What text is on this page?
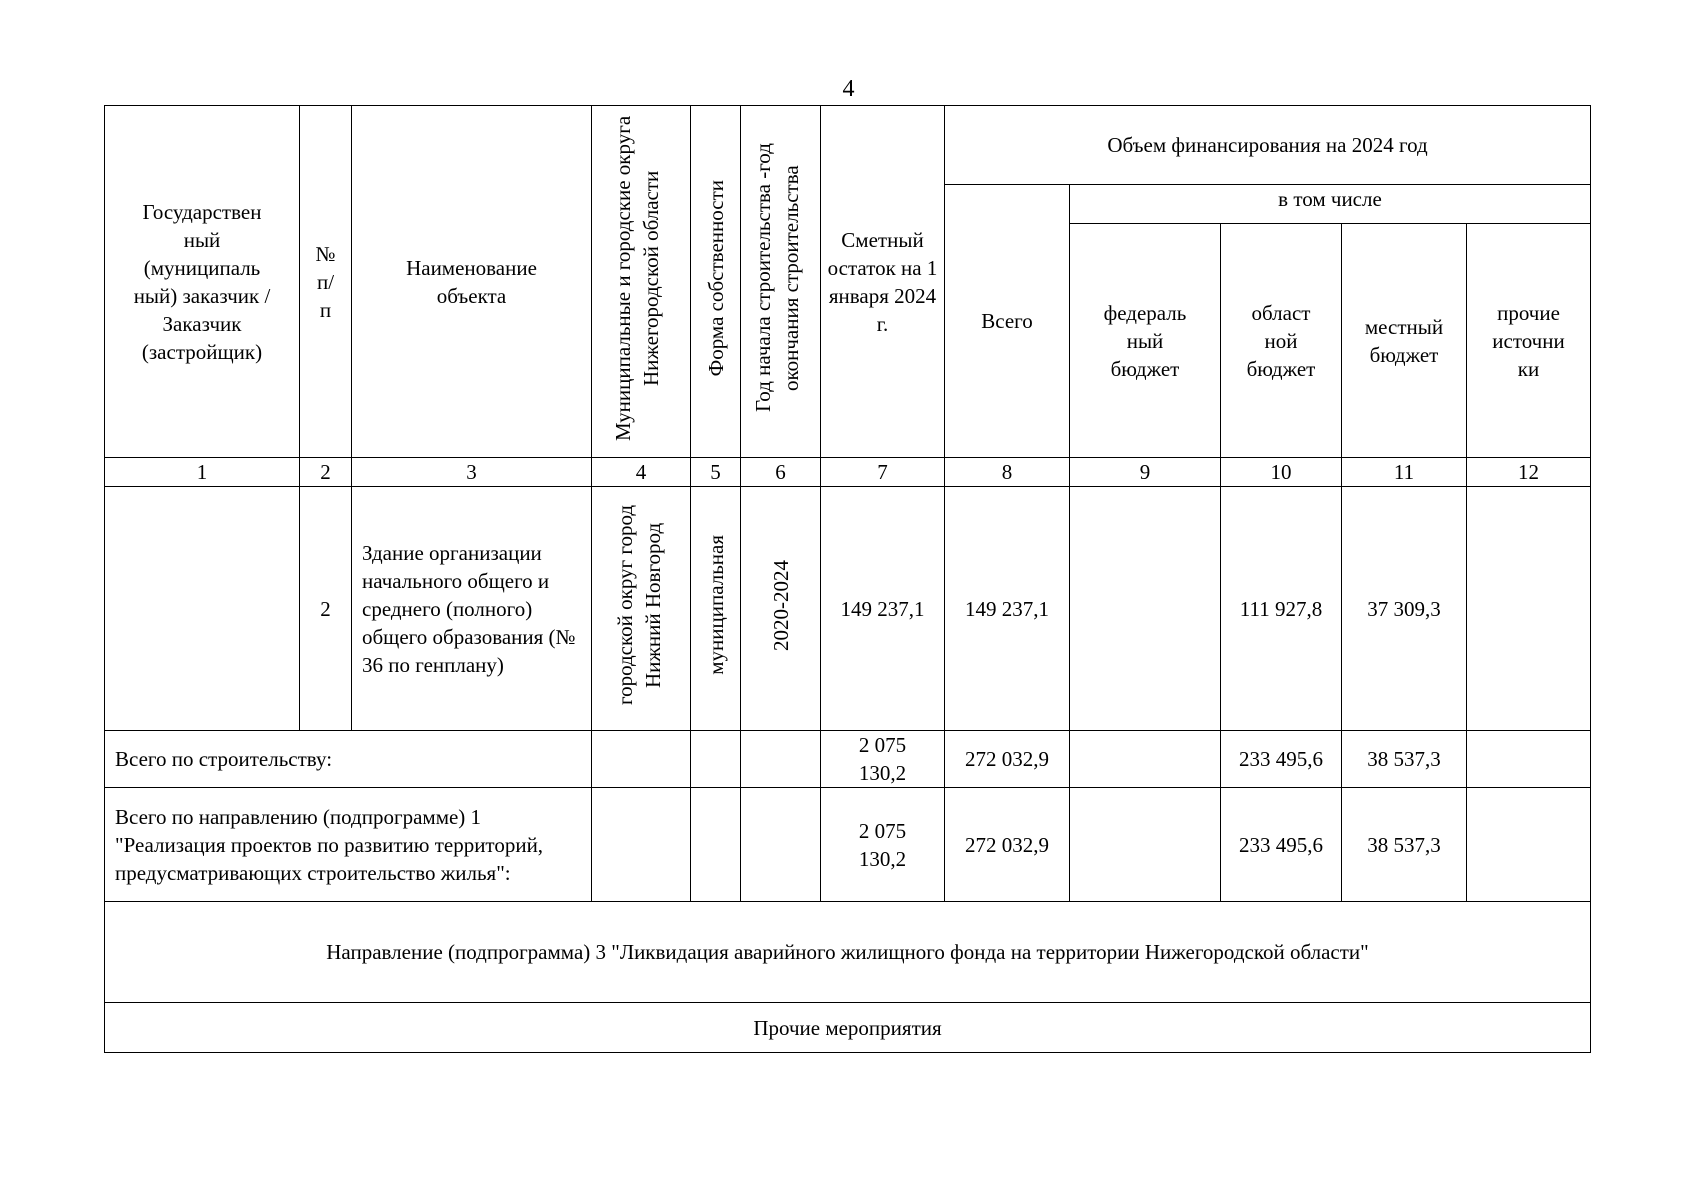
4
Государствен ный (муниципаль ный) заказчик / Заказчик (застройщик)	№ п/ п	Наименование объекта	Муниципальные и городские округа Нижегородской области	Форма собственности	Год начала строительства -год окончания строительства	Сметный остаток на 1 января 2024 г.	Объем финансирования на 2024 год				
							Всего	в том числе			

								федераль ный бюджет	област ной бюджет	местный бюджет	прочие источни ки

1	2	3	4	5	6	7	8	9	10	11	12
	2	Здание организации начального общего и среднего (полного) общего образования (№ 36 по генплану)	городской округ город Нижний Новгород	муниципальная	2020-2024	149 237,1	149 237,1		111 927,8	37 309,3	
Всего по строительству:						2 075 130,2	272 032,9		233 495,6	38 537,3	

Всего по направлению (подпрограмме) 1 "Реализация проектов по развитию территорий, предусматривающих строительство жилья":						2 075 130,2	272 032,9		233 495,6	38 537,3	
Направление (подпрограмма) 3 "Ликвидация аварийного жилищного фонда на территории Нижегородской области"											
Прочие мероприятия											
